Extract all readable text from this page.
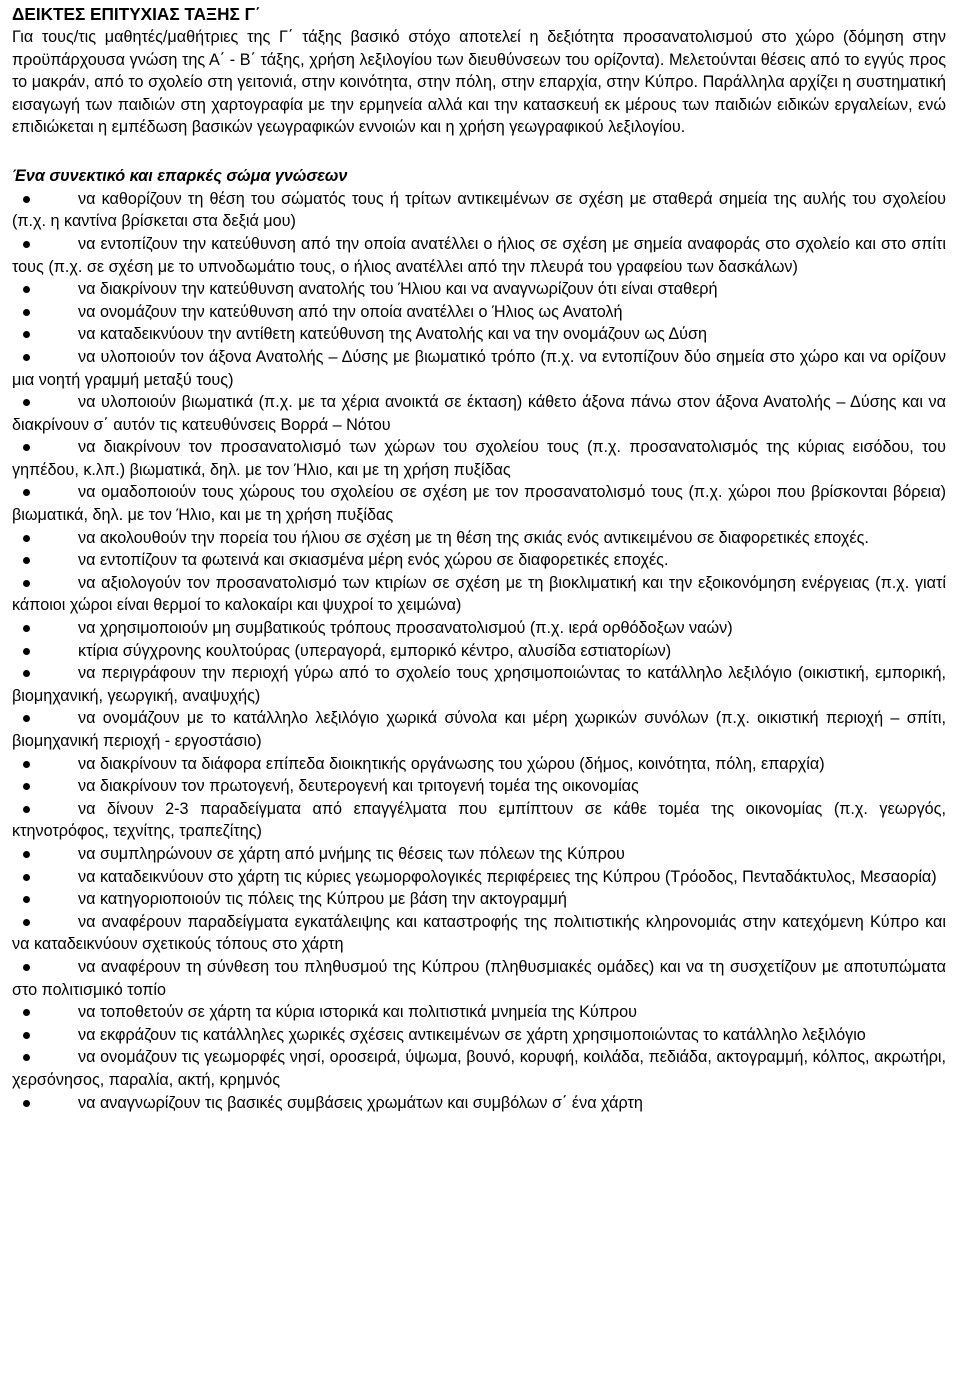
ΔΕΙΚΤΕΣ ΕΠΙΤΥΧΙΑΣ ΤΑΞΗΣ Γ΄

Για τους/τις μαθητές/μαθήτριες της Γ΄ τάξης βασικό στόχο αποτελεί η δεξιότητα προσανατολισμού στο χώρο (δόμηση στην προϋπάρχουσα γνώση της Α΄ - Β΄ τάξης, χρήση λεξιλογίου των διευθύνσεων του ορίζοντα). Μελετούνται θέσεις από το εγγύς προς το μακράν, από το σχολείο στη γειτονιά, στην κοινότητα, στην πόλη, στην επαρχία, στην Κύπρο. Παράλληλα αρχίζει η συστηματική εισαγωγή των παιδιών στη χαρτογραφία με την ερμηνεία αλλά και την κατασκευή εκ μέρους των παιδιών ειδικών εργαλείων, ενώ επιδιώκεται η εμπέδωση βασικών γεωγραφικών εννοιών και η χρήση γεωγραφικού λεξιλογίου.

Ένα συνεκτικό και επαρκές σώμα γνώσεων

να καθορίζουν τη θέση του σώματός τους ή τρίτων αντικειμένων σε σχέση με σταθερά σημεία της αυλής του σχολείου (π.χ. η καντίνα βρίσκεται στα δεξιά μου)
να εντοπίζουν την κατεύθυνση από την οποία ανατέλλει ο ήλιος σε σχέση με σημεία αναφοράς στο σχολείο και στο σπίτι τους (π.χ. σε σχέση με το υπνοδωμάτιο τους, ο ήλιος ανατέλλει από την πλευρά του γραφείου των δασκάλων)
να διακρίνουν την κατεύθυνση ανατολής του Ήλιου και να αναγνωρίζουν ότι είναι σταθερή
να ονομάζουν την κατεύθυνση από την οποία ανατέλλει ο Ήλιος ως Ανατολή
να καταδεικνύουν την αντίθετη κατεύθυνση της Ανατολής και να την ονομάζουν ως Δύση
να υλοποιούν τον άξονα Ανατολής – Δύσης με βιωματικό τρόπο (π.χ. να εντοπίζουν δύο σημεία στο χώρο και να ορίζουν μια νοητή γραμμή μεταξύ τους)
να υλοποιούν βιωματικά (π.χ. με τα χέρια ανοικτά σε έκταση) κάθετο άξονα πάνω στον άξονα Ανατολής – Δύσης και να διακρίνουν σ΄ αυτόν τις κατευθύνσεις Βορρά – Νότου
να διακρίνουν τον προσανατολισμό των χώρων του σχολείου τους (π.χ. προσανατολισμός της κύριας εισόδου, του γηπέδου, κ.λπ.) βιωματικά, δηλ. με τον Ήλιο, και με τη χρήση πυξίδας
να ομαδοποιούν τους χώρους του σχολείου σε σχέση με τον προσανατολισμό τους (π.χ. χώροι που βρίσκονται βόρεια) βιωματικά, δηλ. με τον Ήλιο, και με τη χρήση πυξίδας
να ακολουθούν την πορεία του ήλιου σε σχέση με τη θέση της σκιάς ενός αντικειμένου σε διαφορετικές εποχές.
να εντοπίζουν τα φωτεινά και σκιασμένα μέρη ενός χώρου σε διαφορετικές εποχές.
να αξιολογούν τον προσανατολισμό των κτιρίων σε σχέση με τη βιοκλιματική και την εξοικονόμηση ενέργειας (π.χ. γιατί κάποιοι χώροι είναι θερμοί το καλοκαίρι και ψυχροί το χειμώνα)
να χρησιμοποιούν μη συμβατικούς τρόπους προσανατολισμού (π.χ. ιερά ορθόδοξων ναών)
κτίρια σύγχρονης κουλτούρας (υπεραγορά, εμπορικό κέντρο, αλυσίδα εστιατορίων)
να περιγράφουν την περιοχή γύρω από το σχολείο τους χρησιμοποιώντας το κατάλληλο λεξιλόγιο (οικιστική, εμπορική, βιομηχανική, γεωργική, αναψυχής)
να ονομάζουν με το κατάλληλο λεξιλόγιο χωρικά σύνολα και μέρη χωρικών συνόλων (π.χ. οικιστική περιοχή – σπίτι, βιομηχανική περιοχή - εργοστάσιο)
να διακρίνουν τα διάφορα επίπεδα διοικητικής οργάνωσης του χώρου (δήμος, κοινότητα, πόλη, επαρχία)
να διακρίνουν τον πρωτογενή, δευτερογενή και τριτογενή τομέα της οικονομίας
να δίνουν 2-3 παραδείγματα από επαγγέλματα που εμπίπτουν σε κάθε τομέα της οικονομίας (π.χ. γεωργός, κτηνοτρόφος, τεχνίτης, τραπεζίτης)
να συμπληρώνουν σε χάρτη από μνήμης τις θέσεις των πόλεων της Κύπρου
να καταδεικνύουν στο χάρτη τις κύριες γεωμορφολογικές περιφέρειες της Κύπρου (Τρόοδος, Πενταδάκτυλος, Μεσαορία)
να κατηγοριοποιούν τις πόλεις της Κύπρου με βάση την ακτογραμμή
να αναφέρουν παραδείγματα εγκατάλειψης και καταστροφής της πολιτιστικής κληρονομιάς στην κατεχόμενη Κύπρο και να καταδεικνύουν σχετικούς τόπους στο χάρτη
να αναφέρουν τη σύνθεση του πληθυσμού της Κύπρου (πληθυσμιακές ομάδες) και να τη συσχετίζουν με αποτυπώματα στο πολιτισμικό τοπίο
να τοποθετούν σε χάρτη τα κύρια ιστορικά και πολιτιστικά μνημεία της Κύπρου
να εκφράζουν τις κατάλληλες χωρικές σχέσεις αντικειμένων σε χάρτη χρησιμοποιώντας το κατάλληλο λεξιλόγιο
να ονομάζουν τις γεωμορφές νησί, οροσειρά, ύψωμα, βουνό, κορυφή, κοιλάδα, πεδιάδα, ακτογραμμή, κόλπος, ακρωτήρι, χερσόνησος, παραλία, ακτή, κρημνός
να αναγνωρίζουν τις βασικές συμβάσεις χρωμάτων και συμβόλων σ΄ ένα χάρτη
